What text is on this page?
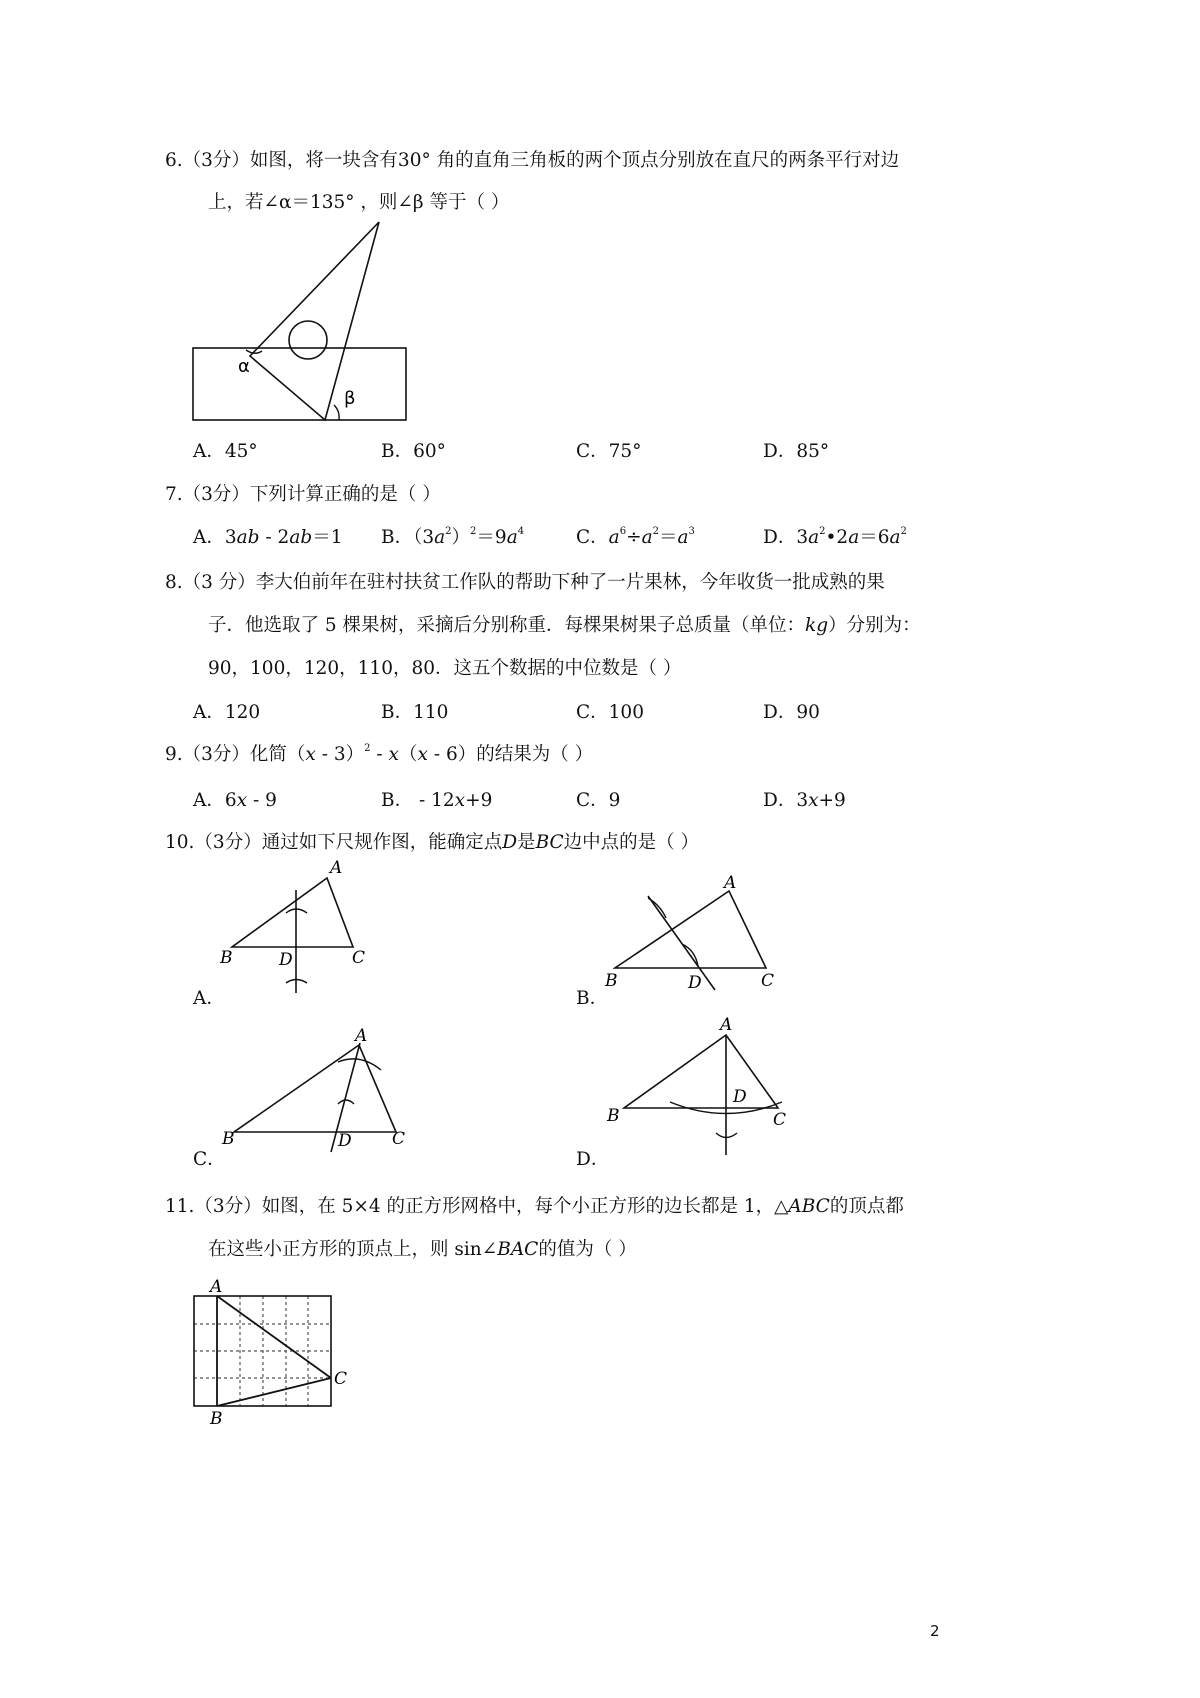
6.（3分）如图，将一块含有30° 角的直角三角板的两个顶点分别放在直尺的两条平行对边
上，若∠α＝135° ，则∠β 等于（ ）
α
β
A．45°	B．60°	C．75°	D．85°
7.（3分）下列计算正确的是（ ）
A．3ab - 2ab＝1 B．$(3a^2)^2=9a^4$	C．$a^6\div a^2=a^3$	D．$3a^2•2a=6a^2$
8.（3 分）李大伯前年在驻村扶贫工作队的帮助下种了一片果林，今年收货一批成熟的果
子．他选取了 5 棵果树，采摘后分别称重．每棵果树果子总质量（单位：kg）分别为：
90，100，120，110，80．这五个数据的中位数是（ ）
A．120	B．110	C．100	D．90
9.（3分）化简（x - 3）$^2$ - x（x - 6）的结果为（ ）
A．6x - 9	B． - 12x+9	C．9	D．3x+9
10.（3分）通过如下尺规作图，能确定点D是BC边中点的是（ ）
A
B	C
D
A
B	C
D
A
B	C
D
A
B	C
D
A．	B．
C．	D．
11.（3分）如图，在 5×4 的正方形网格中，每个小正方形的边长都是 1，△ABC的顶点都
在这些小正方形的顶点上，则 sin∠BAC的值为（ ）
A
B
C
2
